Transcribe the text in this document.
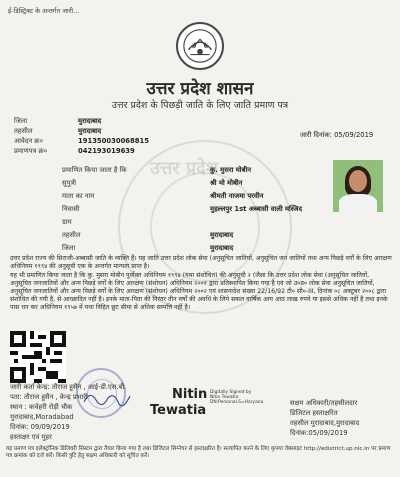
उत्तर प्रदेश
ई-डिस्ट्रिक्ट के अन्तर्गत जारी...
उत्तर प्रदेश शासन
उत्तर प्रदेश के पिछड़ी जाति के लिए जाति प्रमाण पत्र
जिला
तहसील
आवेदन क्र०
प्रमाणपत्र क्र०
मुरादाबाद
मुरादाबाद
191350030068815
042193019639
जारी दिनांक: 05/09/2019
प्रमाणित किया जाता है कि
सुपुत्री
माता का नाम
निवासी
ग्राम
तहसील
जिला
कु. मुसरा मोबीन
श्री मो मोबीन
श्रीमती नाजमा परवीन
मुहल्लपुर 1st अब्बासी वाली मस्जिद
मुरादाबाद
मुरादाबाद
उत्तर प्रदेश राज्य की सिराजी-अब्बासी जाति के व्यक्ति हैं। यह जाति उत्तर प्रदेश लोक सेवा (अनुसूचित जातियों, अनुसूचित जन जातियों तथा अन्य पिछड़े वर्गों के लिए आरक्षण अधिनियम १९९४ की अनुसूची एक के अन्तर्गत मान्यता प्राप्त है।
यह भी प्रमाणित किया जाता है कि कु. मुसरा मोबीन पूर्वोक्त अधिनियम १९९४ (यथा संशोधित) की अनुसूची २ (जैसा कि उत्तर प्रदेश लोक सेवा (अनुसूचित जातियों, अनुसूचित जनजातियों और अन्य पिछड़े वर्गों के लिए आरक्षण (संशोधन) अधिनियम २००१ द्वारा प्रतिस्थापित किया गया है एवं जो उ०प्र० लोक सेवा अनुसूचित जातियों, अनुसूचित जनजातियों और अन्य पिछड़े वर्गों के लिए आरक्षण (संशोधन) अधिनियम २००२ एवं शासनादेश संख्या 22/16/92 टी० सी०-III, दिनांक ०८ अक्टूबर २००८ द्वारा संशोधित की गयी है, से आच्छादित नहीं है। इनके माता-पिता की निरंतर तीन वर्षों की अवधि के लिये सकल वार्षिक आय आठ लाख रुपये या इससे अधिक नहीं है तथा इनके पास धन कर अधिनियम १९५७ में यथा विहित छूट सीमा से अधिक सम्पत्ति नहीं है।
जारी कर्ता केन्द्र: तौराज हुसैन , आई-डी.एस.बी.
पता: तौराज हुसैन , केन्द्र प्रभारी
स्थान : कचेहरी रोड़ी चौक
मुरादाबाद,Moradabad
दिनांक: 09/09/2019
हस्ताक्षर एवं मुहर
Nitin
Tewatia
Digitally Signed by Nitin Tewatia DN:Personal,S=Haryana	सक्षम अधिकारी/तहसीलदार
डिजिटल हस्ताक्षरित
तहसील मुरादाबाद,मुरादाबाद
दिनांक:05/09/2019
यह प्रमाण पत्र इलेक्ट्रॉनिक डिलिवरी सिस्टम द्वारा तैयार किया गया है तथा डिजिटल सिग्नेचर से हस्ताक्षरित है। सत्यापित करने के लिए कृपया वेबसाइट http://edistrict.up.nic.in पर प्रमाण पत्र क्रमांक को दर्ज करें। किसी त्रुटि हेतु सक्षम अधिकारी को सूचित करें।
